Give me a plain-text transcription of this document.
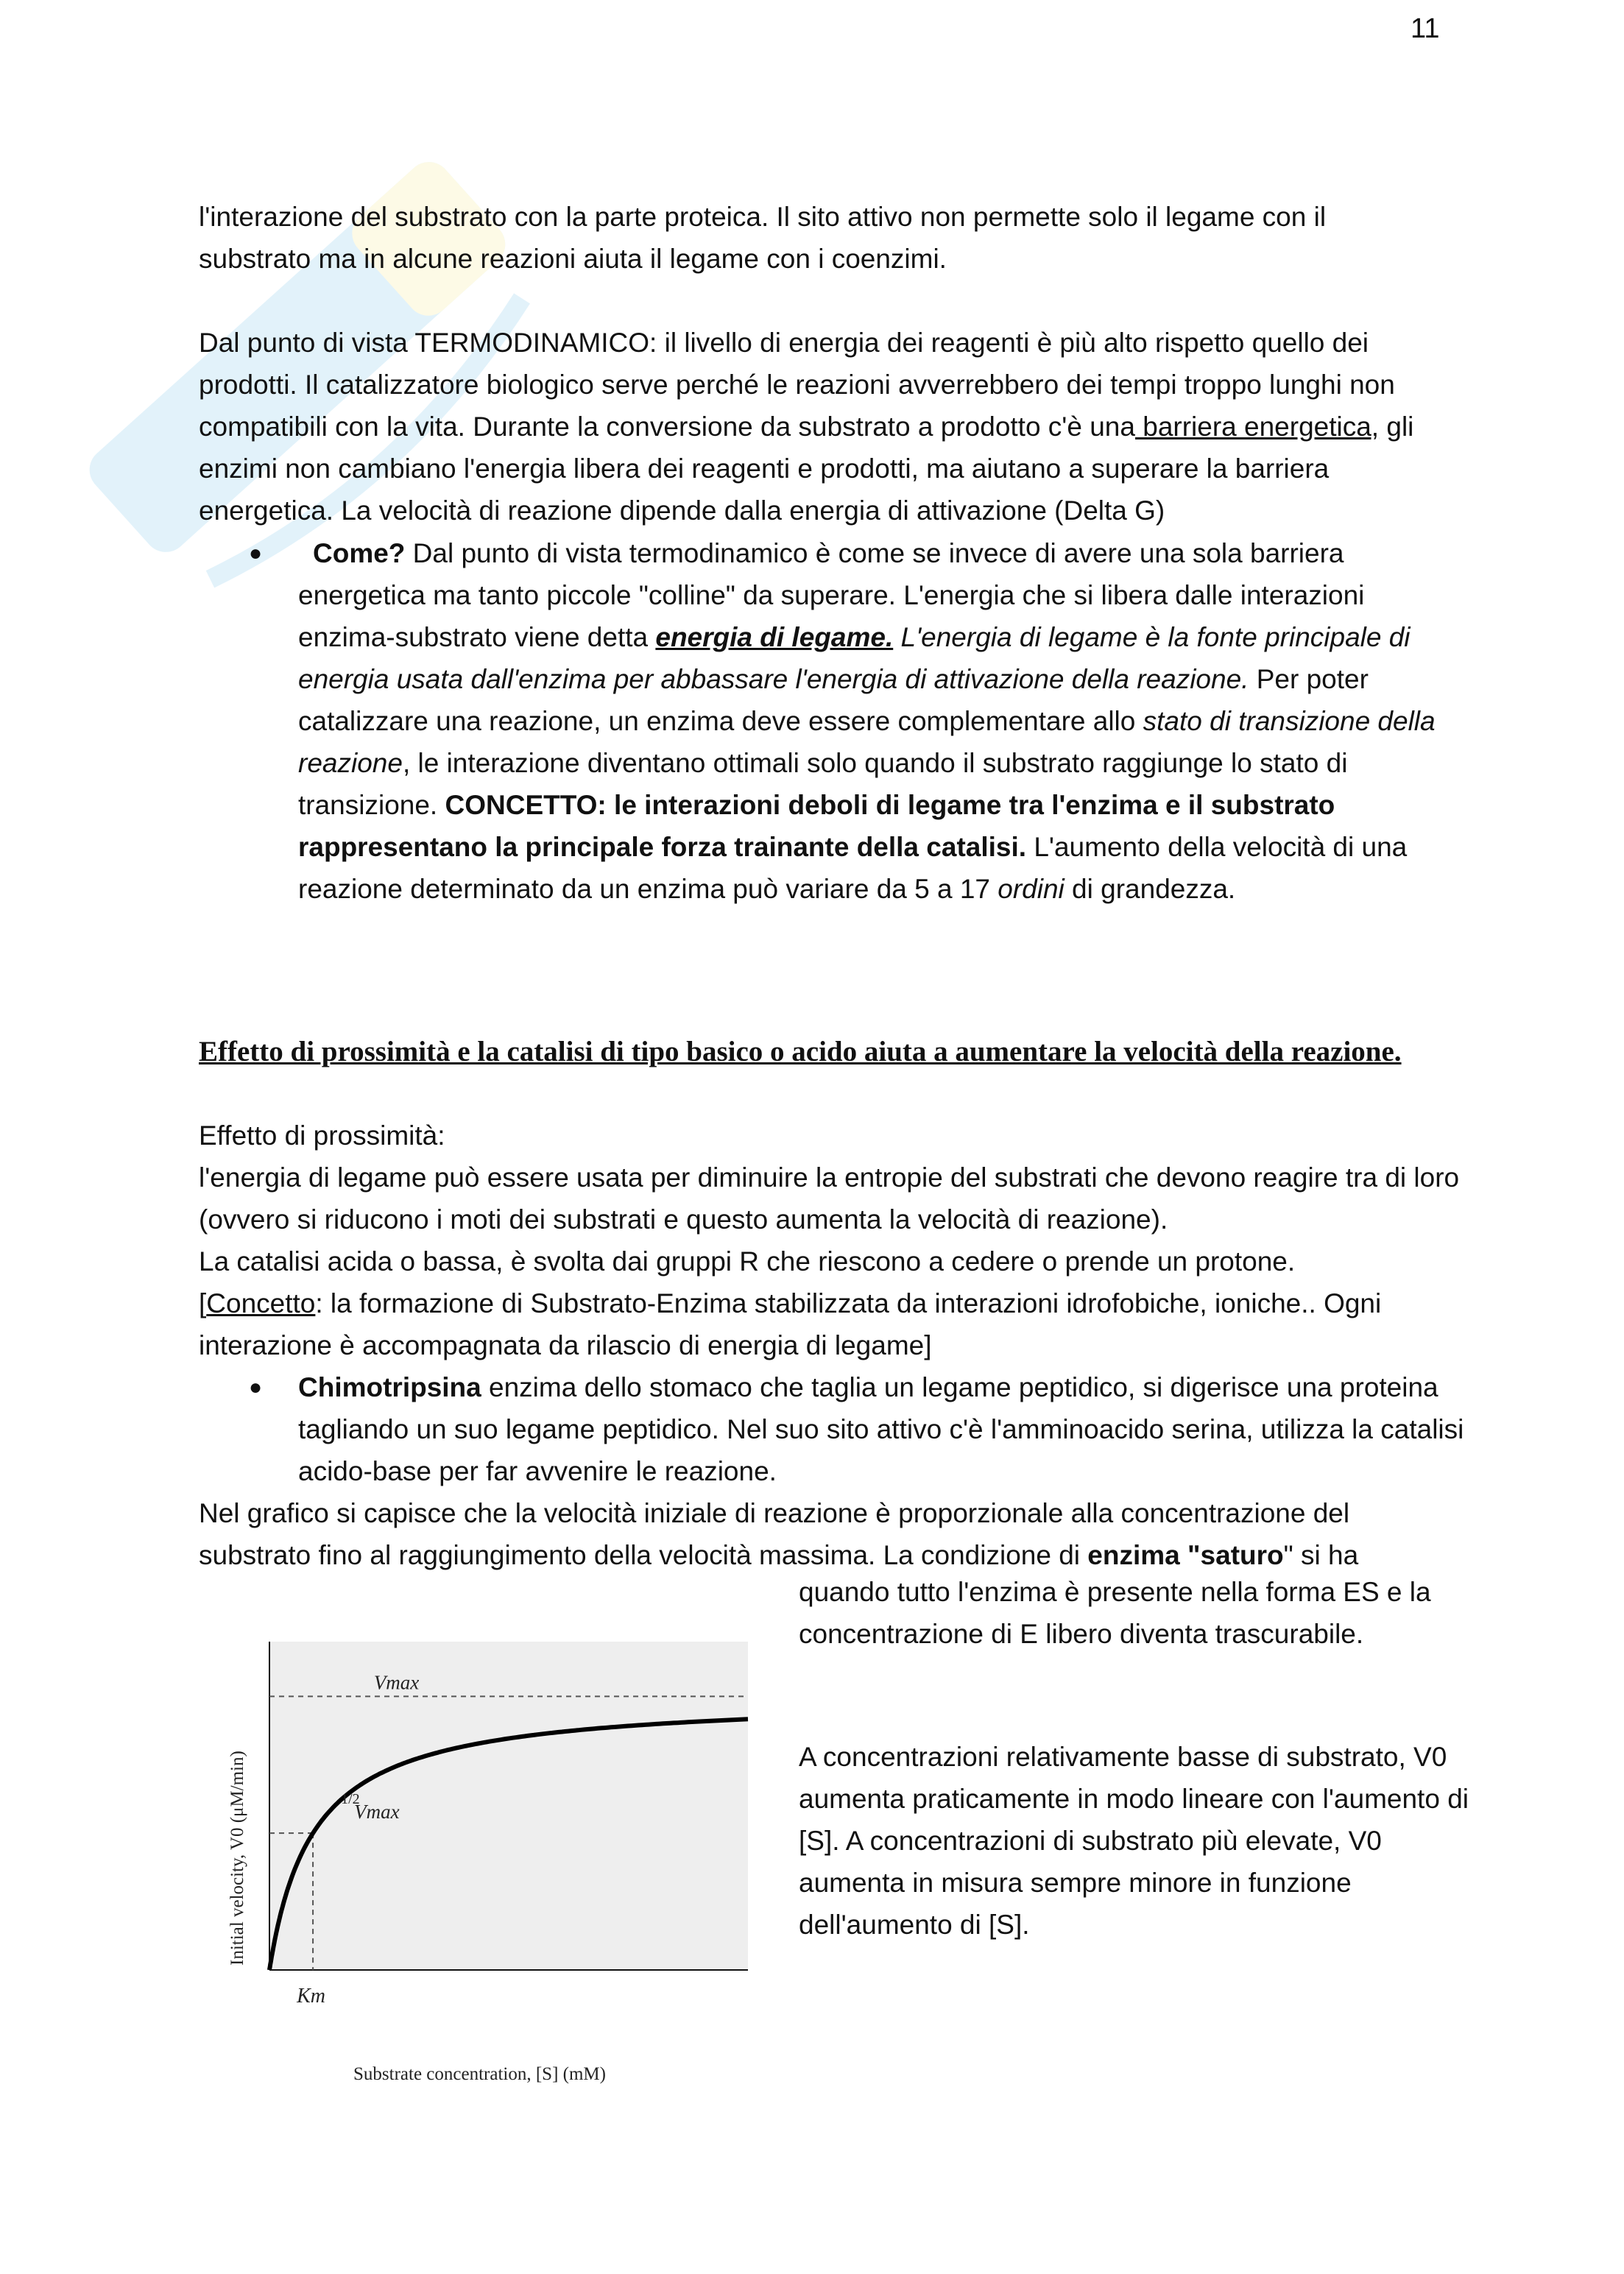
11

l'interazione del substrato con la parte proteica. Il sito attivo non permette solo il legame con il

substrato ma in alcune reazioni aiuta il legame con i coenzimi.

Dal punto di vista TERMODINAMICO: il livello di energia dei reagenti è più alto rispetto quello dei prodotti. Il catalizzatore biologico serve perché le reazioni avverrebbero dei tempi troppo lunghi non compatibili con la vita. Durante la conversione da substrato a prodotto c'è una barriera energetica, gli enzimi non cambiano l'energia libera dei reagenti e prodotti, ma aiutano a superare la barriera energetica. La velocità di reazione dipende dalla energia di attivazione (Delta G)

●	Come? Dal punto di vista termodinamico è come se invece di avere una sola barriera energetica ma tanto piccole "colline" da superare. L'energia che si libera dalle interazioni enzima-substrato viene detta energia di legame. L'energia di legame è la fonte principale di energia usata dall'enzima per abbassare l'energia di attivazione della reazione. Per poter catalizzare una reazione, un enzima deve essere complementare allo stato di transizione della reazione, le interazione diventano ottimali solo quando il substrato raggiunge lo stato di transizione. CONCETTO: le interazioni deboli di legame tra l'enzima e il substrato rappresentano la principale forza trainante della catalisi. L'aumento della velocità di una reazione determinato da un enzima può variare da 5 a 17 ordini di grandezza.

Effetto di prossimità e la catalisi di tipo basico o acido aiuta a aumentare la velocità della reazione.

Effetto di prossimità:

l'energia di legame può essere usata per diminuire la entropie del substrati che devono reagire tra di loro (ovvero si riducono i moti dei substrati e questo aumenta la velocità di reazione).

La catalisi acida o bassa, è svolta dai gruppi R che riescono a cedere o prende un protone.

[Concetto: la formazione di Substrato-Enzima stabilizzata da interazioni idrofobiche, ioniche.. Ogni interazione è accompagnata da rilascio di energia di legame]

● Chimotripsina enzima dello stomaco che taglia un legame peptidico, si digerisce una proteina tagliando un suo legame peptidico. Nel suo sito attivo c'è l'amminoacido serina, utilizza la catalisi acido-base per far avvenire le reazione.

Nel grafico si capisce che la velocità iniziale di reazione è proporzionale alla concentrazione del substrato fino al raggiungimento della velocità massima. La condizione di enzima "saturo" si ha

quando tutto l'enzima è presente nella forma ES e la concentrazione di E libero diventa trascurabile.

A concentrazioni relativamente basse di substrato, V0 aumenta praticamente in modo lineare con l'aumento di [S]. A concentrazioni di substrato più elevate, V0 aumenta in misura sempre minore in funzione dell'aumento di [S].

Vmax
1/2
Vmax
Km
Substrate concentration, [S] (mM)
Initial velocity, V0 (μM/min)
